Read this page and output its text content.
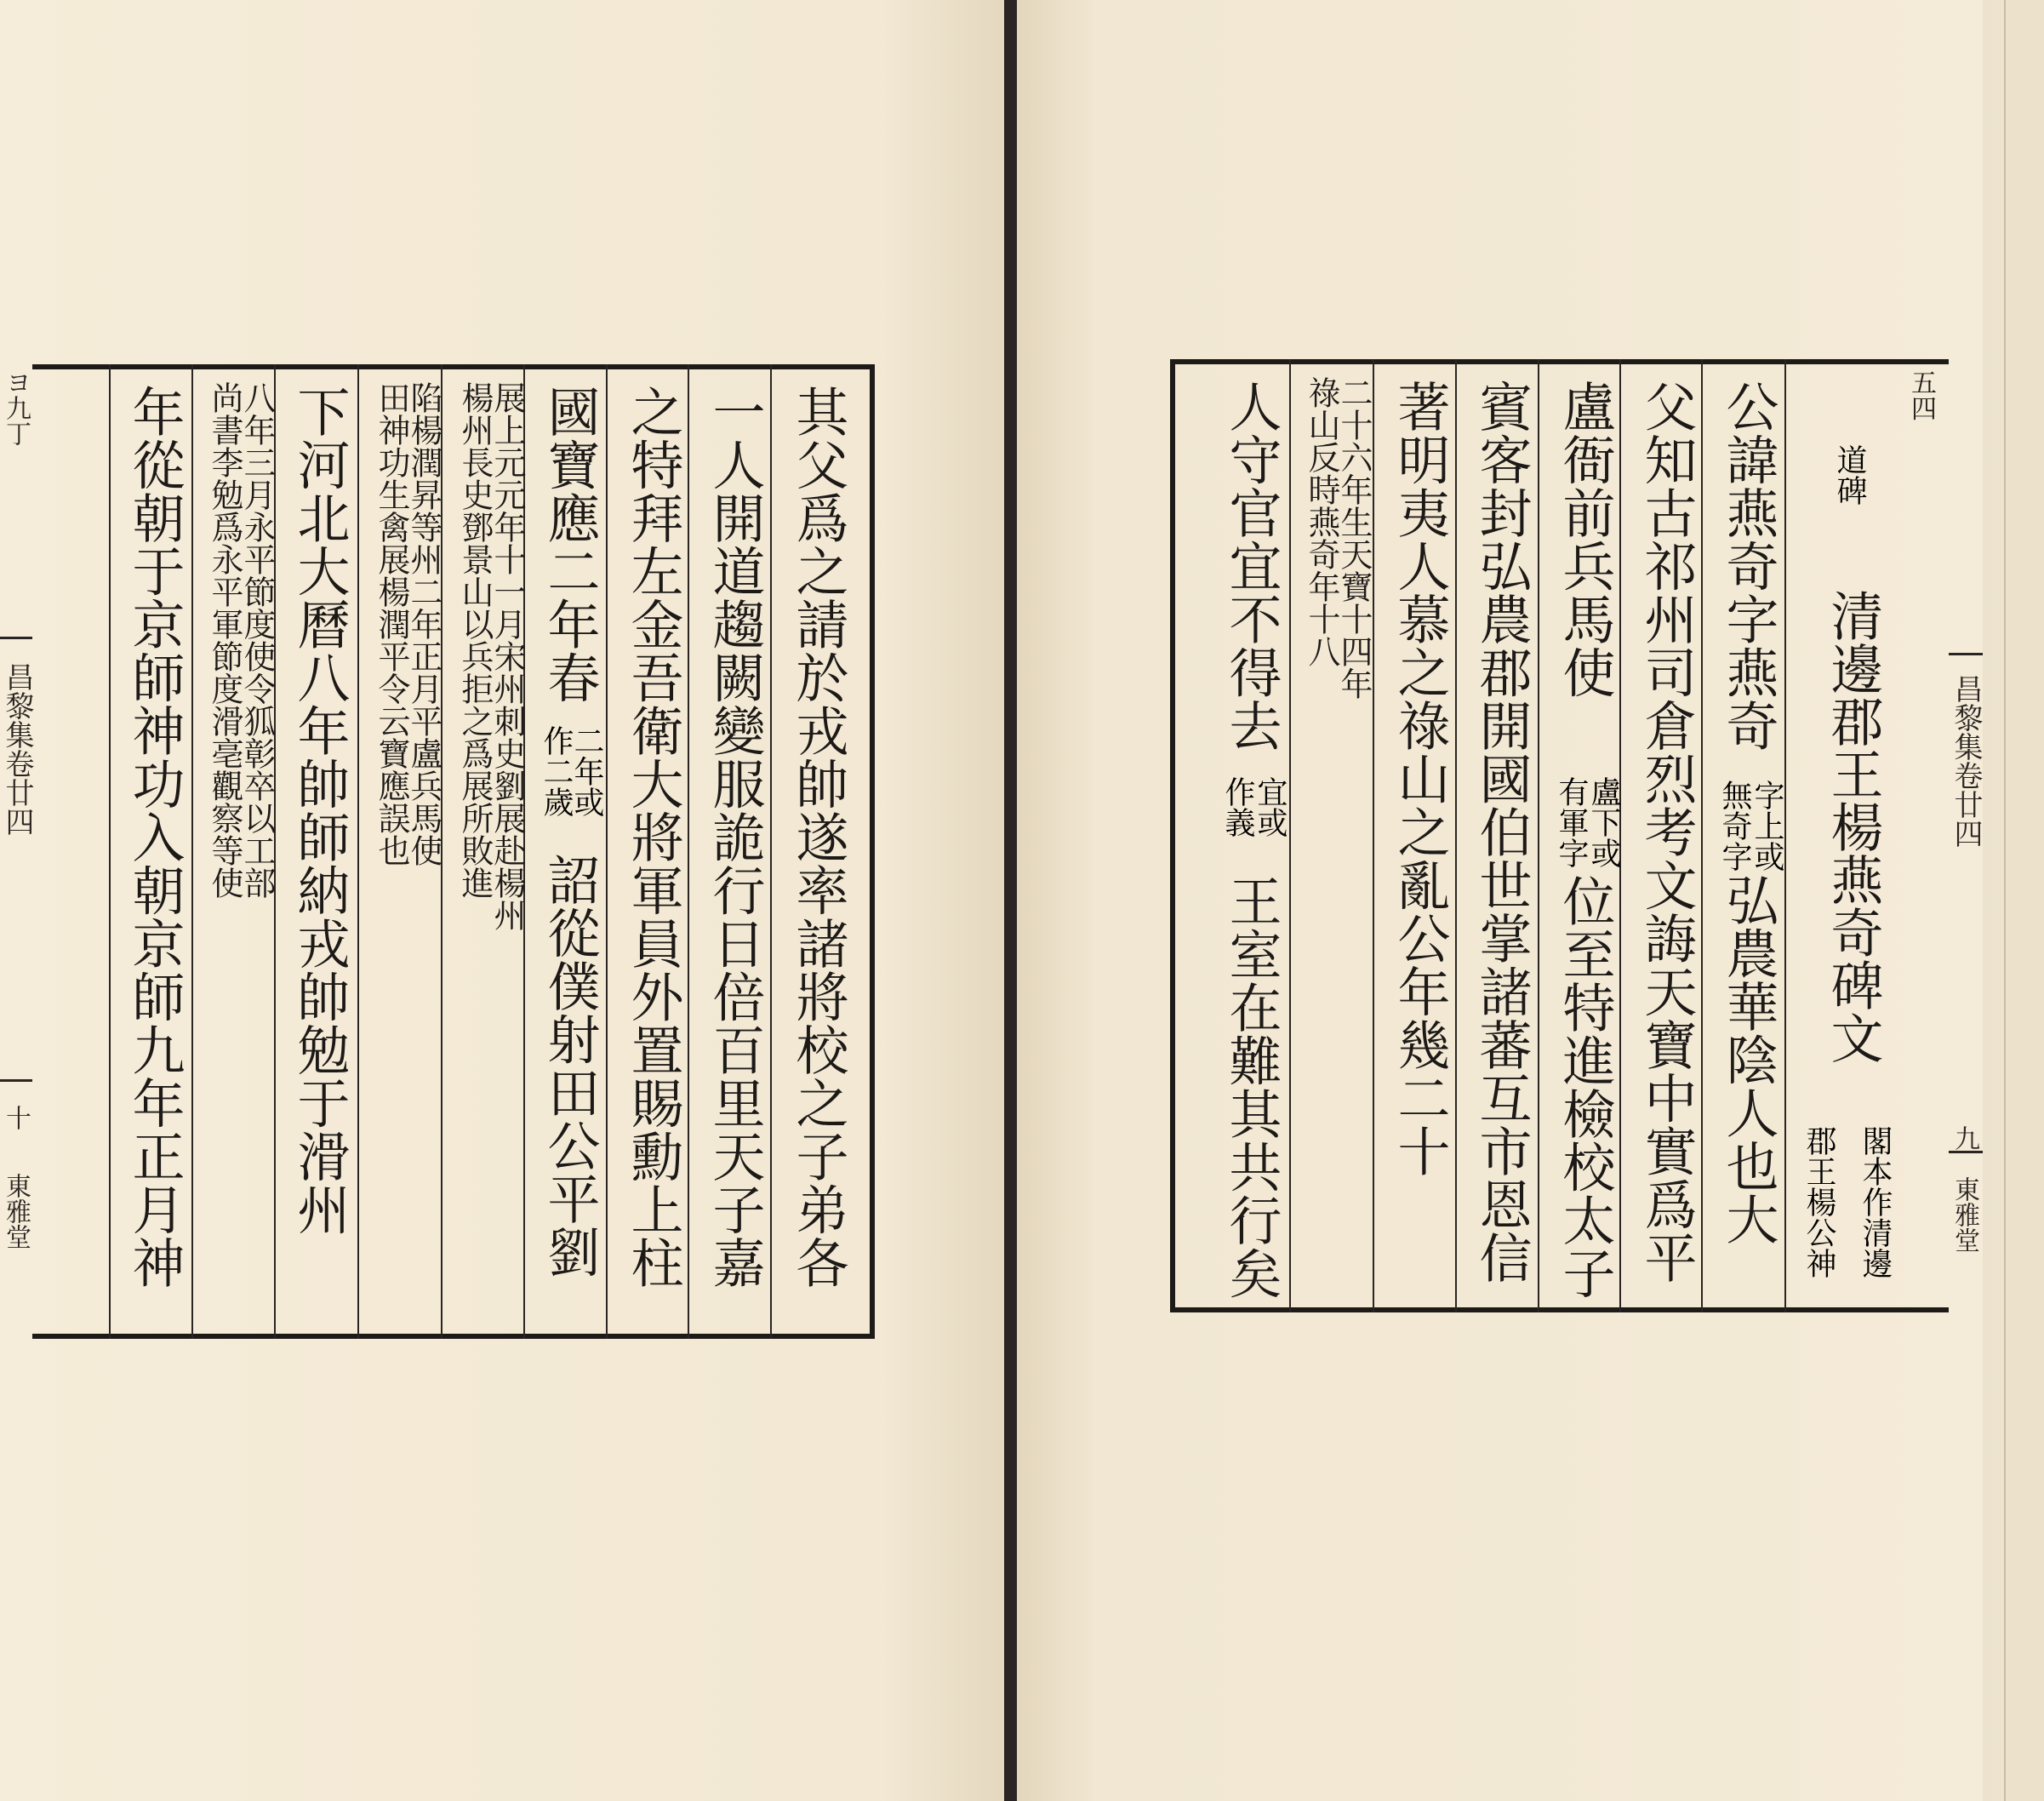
ヨ九丁
昌黎集卷廿四
十
東雅堂	其父爲之請於戎帥遂率諸將校之子弟各
一人開道趨闕變服詭行日倍百里天子嘉
之特拜左金吾衛大將軍員外置賜勳上柱
國寶應二年春
二年或
作二歲
詔從僕射田公平劉
展上元元年十一月宋州刺史劉展赴楊州
楊州長史鄧景山以兵拒之爲展所敗進
陷楊潤昇等州二年正月平盧兵馬使
田神功生禽展楊潤平令云寶應誤也
下河北大曆八年帥師納戎帥勉于滑州
八年三月永平節度使令狐彰卒以工部
尚書李勉爲永平軍節度滑亳觀察等使
年從朝于京師神功入朝京師九年正月神	五四
清邊郡王楊燕奇碑文
閣本作清邊
郡王楊公神
道碑
公諱燕奇字燕奇
字上或
無奇字
弘農華陰人也大
父知古祁州司倉烈考文誨天寶中實爲平
盧衙前兵馬使
盧下或
有軍字
位至特進檢校太子
賓客封弘農郡開國伯世掌諸蕃互市恩信
著明夷人慕之祿山之亂公年幾二十
二十六年生天寶十四年
祿山反時燕奇年十八
人守官宜不得去
宜或
作義
王室在難其共行矣
昌黎集卷廿四
九
東雅堂
